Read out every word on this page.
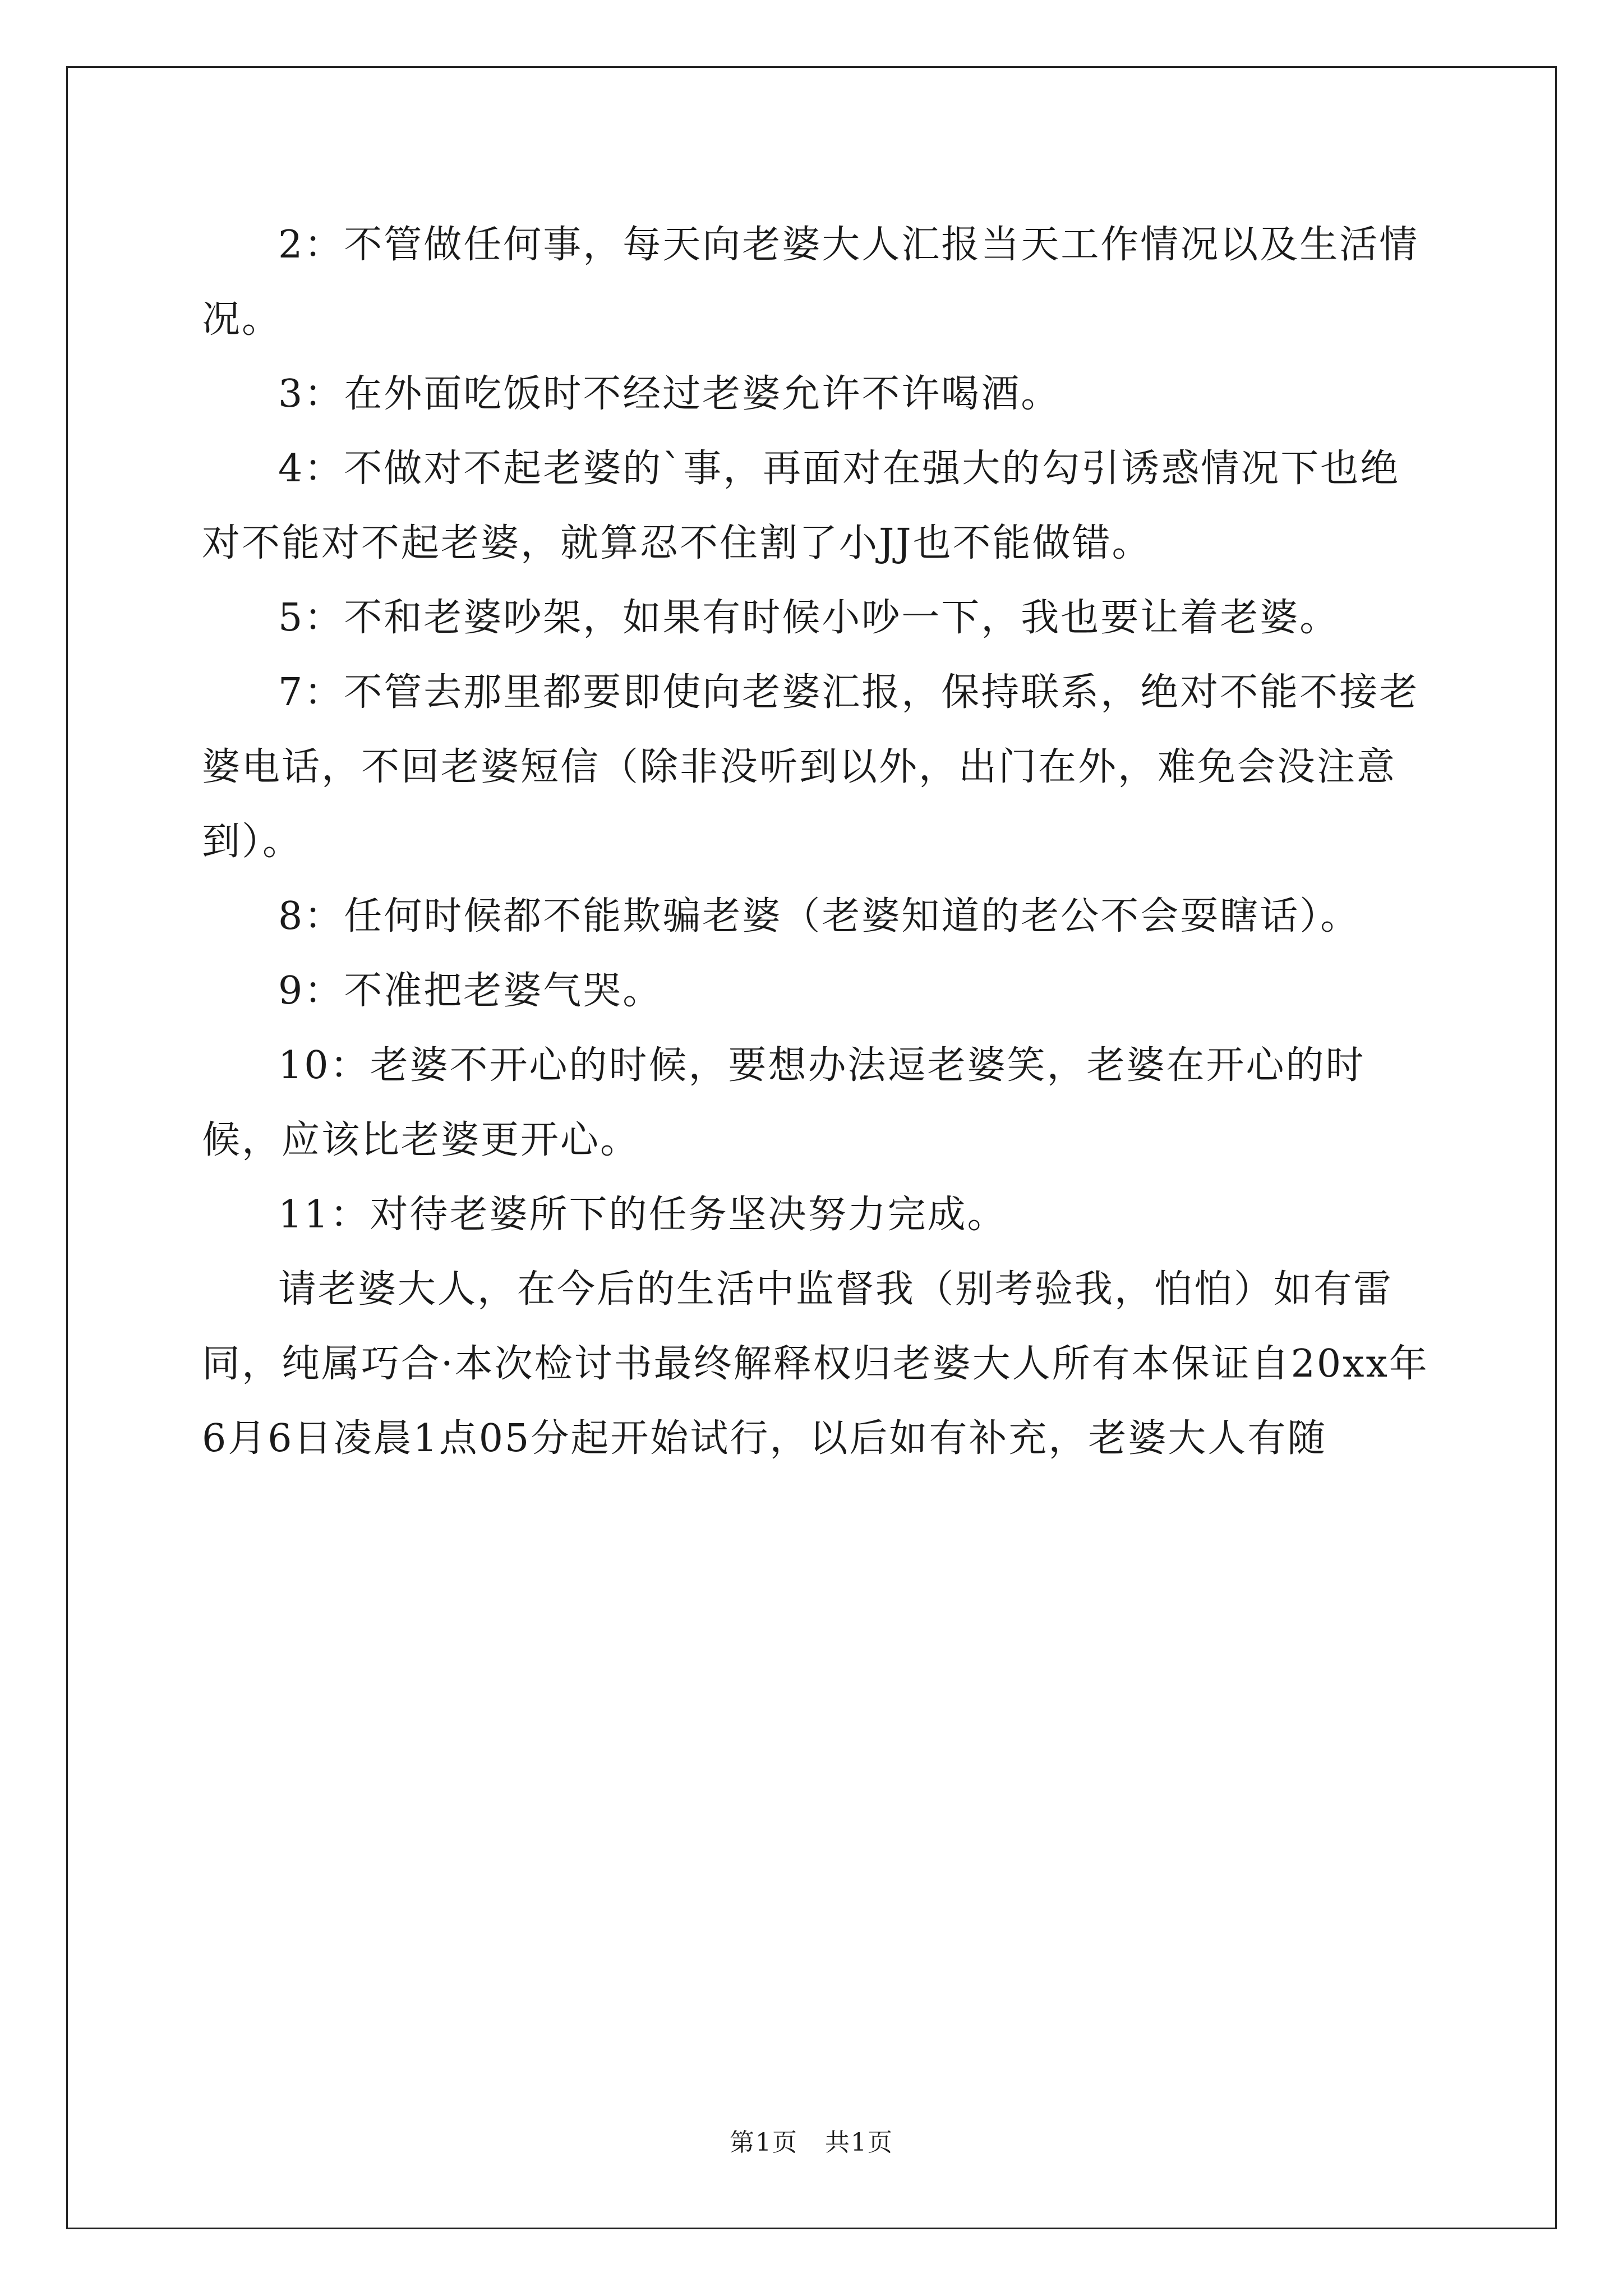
2：不管做任何事，每天向老婆大人汇报当天工作情况以及生活情况。

3：在外面吃饭时不经过老婆允许不许喝酒。

4：不做对不起老婆的`事，再面对在强大的勾引诱惑情况下也绝对不能对不起老婆，就算忍不住割了小JJ也不能做错。

5：不和老婆吵架，如果有时候小吵一下，我也要让着老婆。

7：不管去那里都要即使向老婆汇报，保持联系，绝对不能不接老婆电话，不回老婆短信（除非没听到以外，出门在外，难免会没注意到）。

8：任何时候都不能欺骗老婆（老婆知道的老公不会耍瞎话）。

9：不准把老婆气哭。

10：老婆不开心的时候，要想办法逗老婆笑，老婆在开心的时候，应该比老婆更开心。

11：对待老婆所下的任务坚决努力完成。

请老婆大人，在今后的生活中监督我（别考验我，怕怕）如有雷同，纯属巧合·本次检讨书最终解释权归老婆大人所有本保证自20xx年6月6日凌晨1点05分起开始试行，以后如有补充，老婆大人有随

第1页 共1页
